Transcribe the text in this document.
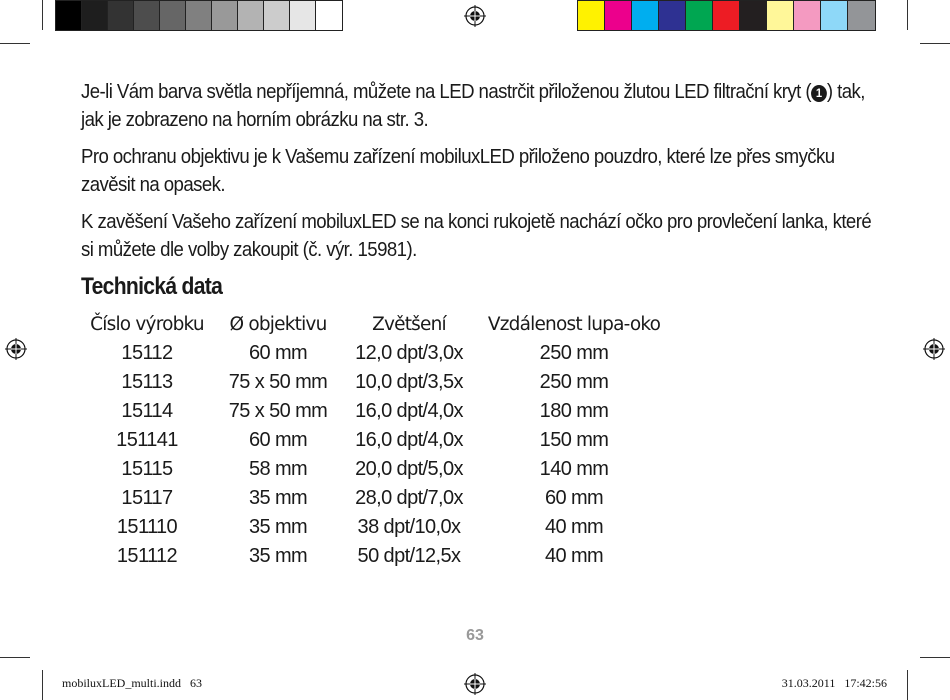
Je-li Vám barva světla nepříjemná, můžete na LED nastrčit přiloženou žlutou LED filtrační kryt ( 1 ) tak, jak je zobrazeno na horním obrázku na str. 3.

Pro ochranu objektivu je k Vašemu zařízení mobiluxLED přiloženo pouzdro, které lze přes smyčku zavěsit na opasek.

K zavěšení Vašeho zařízení mobiluxLED se na konci rukojetě nachází očko pro provlečení lanka, které si můžete dle volby zakoupit (č. výr. 15981).

Technická data
Číslo výrobku	Ø objektivu	Zvětšení	Vzdálenost lupa-oko
15112	60 mm	12,0 dpt/3,0x	250 mm
15113	75 x 50 mm	10,0 dpt/3,5x	250 mm
15114	75 x 50 mm	16,0 dpt/4,0x	180 mm
151141	60 mm	16,0 dpt/4,0x	150 mm
15115	58 mm	20,0 dpt/5,0x	140 mm
15117	35 mm	28,0 dpt/7,0x	60 mm
151110	35 mm	38 dpt/10,0x	40 mm
151112	35 mm	50 dpt/12,5x	40 mm
63
mobiluxLED_multi.indd   63	31.03.2011   17:42:56
